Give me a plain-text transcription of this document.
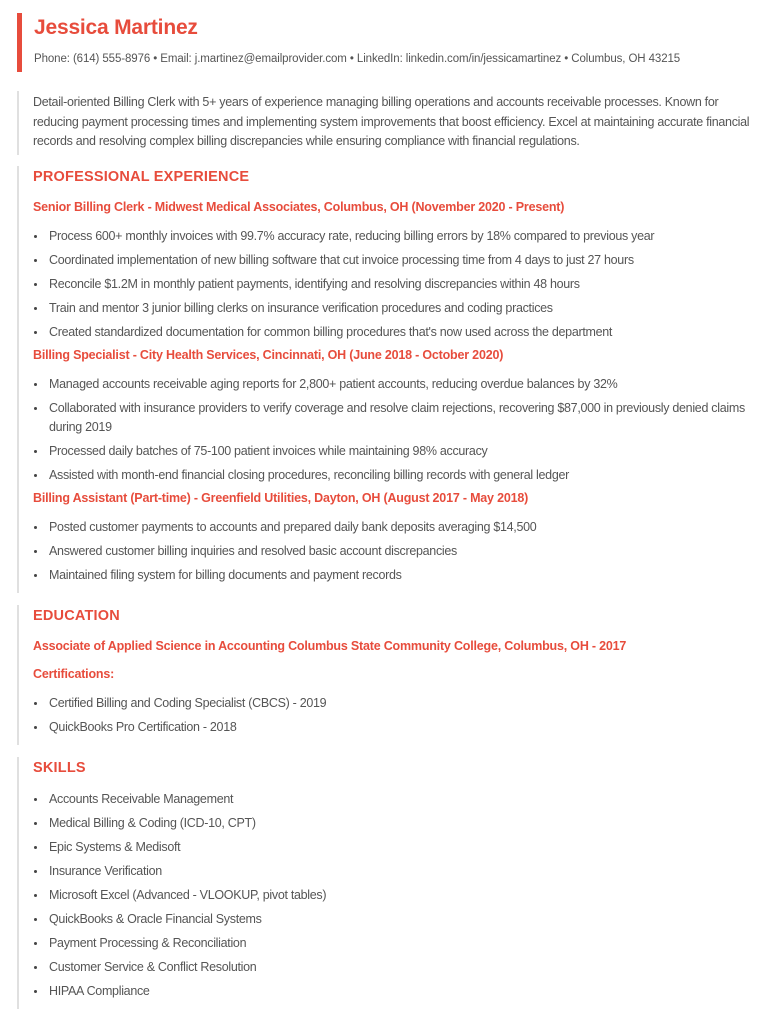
Jessica Martinez

Phone: (614) 555-8976 • Email: j.martinez@emailprovider.com • LinkedIn: linkedin.com/in/jessicamartinez • Columbus, OH 43215

Detail-oriented Billing Clerk with 5+ years of experience managing billing operations and accounts receivable processes. Known for reducing payment processing times and implementing system improvements that boost efficiency. Excel at maintaining accurate financial records and resolving complex billing discrepancies while ensuring compliance with financial regulations.

PROFESSIONAL EXPERIENCE
Senior Billing Clerk - Midwest Medical Associates, Columbus, OH (November 2020 - Present)
• Process 600+ monthly invoices with 99.7% accuracy rate, reducing billing errors by 18% compared to previous year
• Coordinated implementation of new billing software that cut invoice processing time from 4 days to just 27 hours
• Reconcile $1.2M in monthly patient payments, identifying and resolving discrepancies within 48 hours
• Train and mentor 3 junior billing clerks on insurance verification procedures and coding practices
• Created standardized documentation for common billing procedures that's now used across the department
Billing Specialist - City Health Services, Cincinnati, OH (June 2018 - October 2020)
• Managed accounts receivable aging reports for 2,800+ patient accounts, reducing overdue balances by 32%
• Collaborated with insurance providers to verify coverage and resolve claim rejections, recovering $87,000 in previously denied claims during 2019
• Processed daily batches of 75-100 patient invoices while maintaining 98% accuracy
• Assisted with month-end financial closing procedures, reconciling billing records with general ledger
Billing Assistant (Part-time) - Greenfield Utilities, Dayton, OH (August 2017 - May 2018)
• Posted customer payments to accounts and prepared daily bank deposits averaging $14,500
• Answered customer billing inquiries and resolved basic account discrepancies
• Maintained filing system for billing documents and payment records
EDUCATION
Associate of Applied Science in Accounting Columbus State Community College, Columbus, OH - 2017
Certifications:
• Certified Billing and Coding Specialist (CBCS) - 2019
• QuickBooks Pro Certification - 2018
SKILLS
• Accounts Receivable Management
• Medical Billing & Coding (ICD-10, CPT)
• Epic Systems & Medisoft
• Insurance Verification
• Microsoft Excel (Advanced - VLOOKUP, pivot tables)
• QuickBooks & Oracle Financial Systems
• Payment Processing & Reconciliation
• Customer Service & Conflict Resolution
• HIPAA Compliance
